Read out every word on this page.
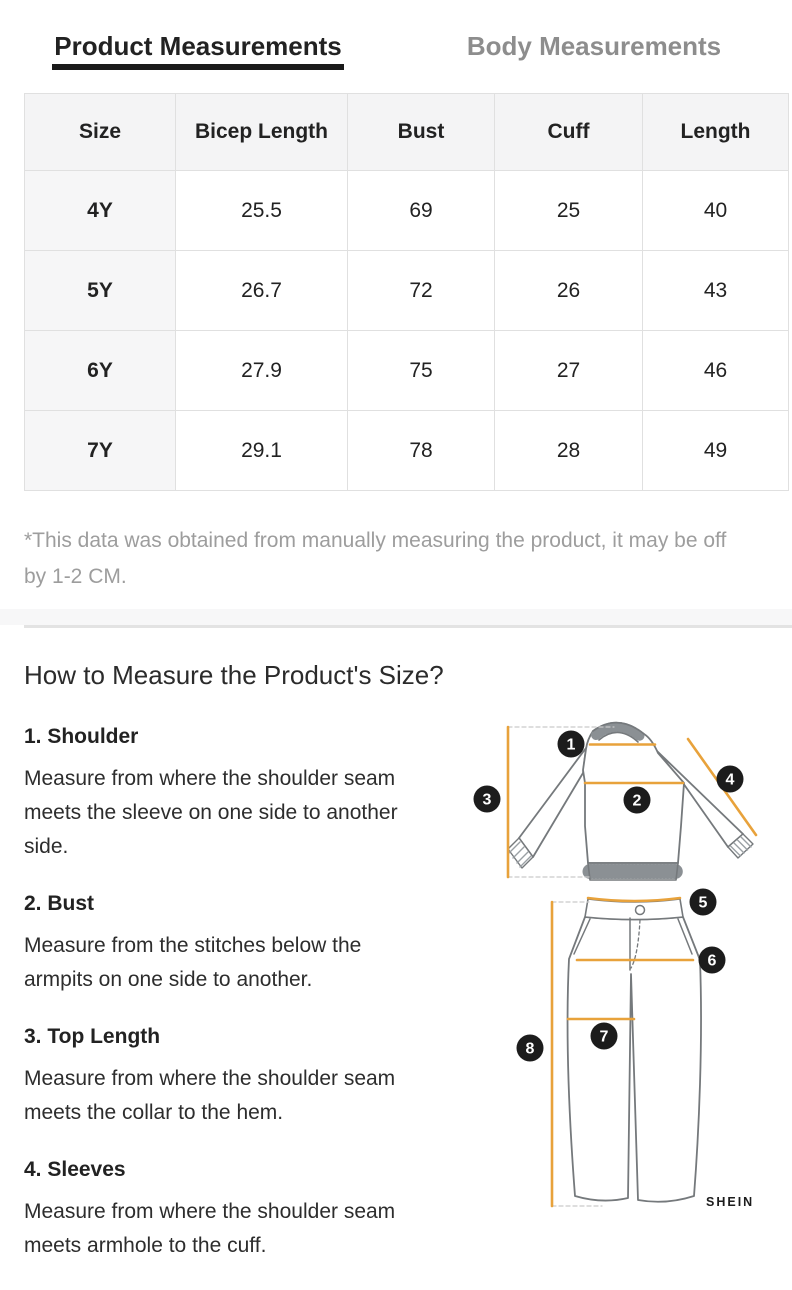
Product Measurements	Body Measurements
Size	Bicep Length	Bust	Cuff	Length
4Y	25.5	69	25	40
5Y	26.7	72	26	43
6Y	27.9	75	27	46
7Y	29.1	78	28	49

*This data was obtained from manually measuring the product, it may be off by 1-2 CM.

How to Measure the Product's Size?
1. Shoulder

Measure from where the shoulder seam meets the sleeve on one side to another side.

2. Bust

Measure from the stitches below the armpits on one side to another.

3. Top Length

Measure from where the shoulder seam meets the collar to the hem.

4. Sleeves

Measure from where the shoulder seam meets armhole to the cuff.

1
2
3
4
5
6
7
8
SHEIN
